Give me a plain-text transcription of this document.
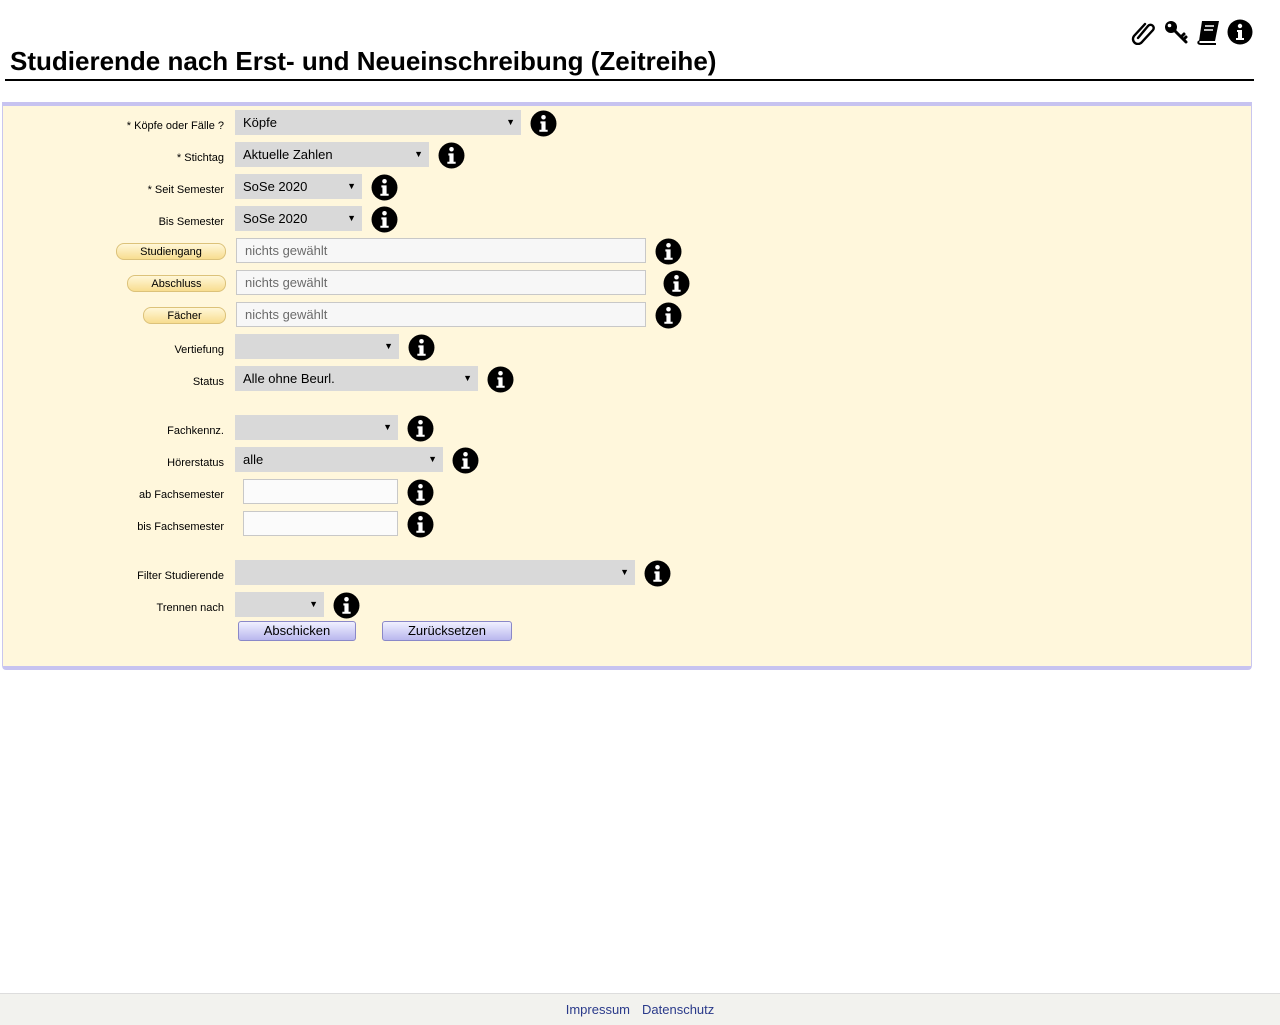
Studierende nach Erst- und Neueinschreibung (Zeitreihe)
* Köpfe oder Fälle ?	Köpfe	▼
* Stichtag	Aktuelle Zahlen	▼
* Seit Semester	SoSe 2020	▼
Bis Semester	SoSe 2020	▼
Studiengang	nichts gewählt
Abschluss	nichts gewählt
Fächer	nichts gewählt
Vertiefung	▼
Status	Alle ohne Beurl.	▼
Fachkennz.	▼
Hörerstatus	alle	▼
ab Fachsemester
bis Fachsemester
Filter Studierende	▼
Trennen nach	▼
Abschicken	Zurücksetzen
Impressum Datenschutz
